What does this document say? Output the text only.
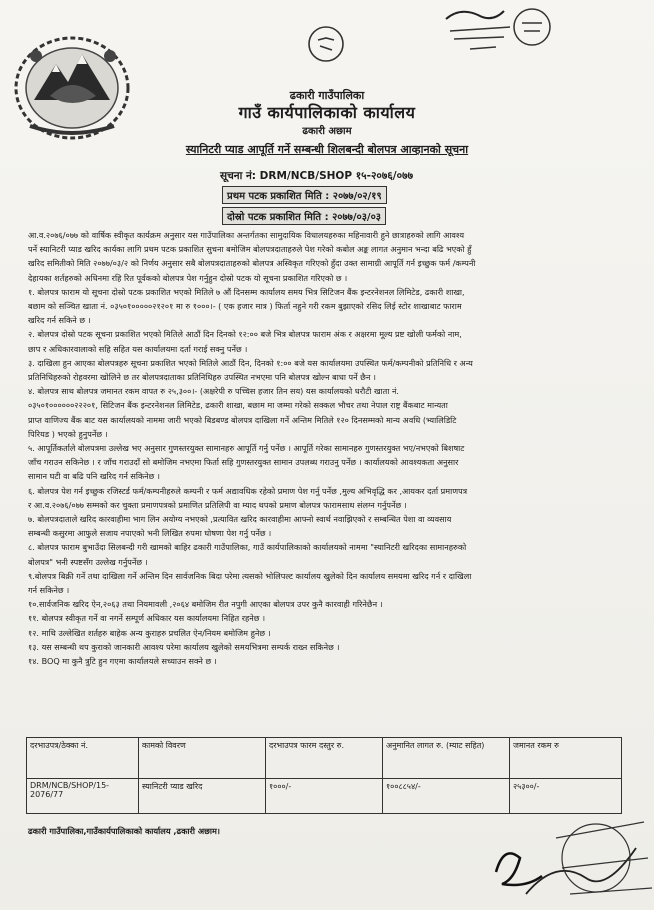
ढकारी गाउँपालिका
गाउँ कार्यपालिकाको कार्यालय
ढकारी अछाम
स्यानिटरी प्याड आपूर्ति गर्ने सम्बन्धी शिलबन्दी बोलपत्र आव्हानको सूचना
सूचना नं: DRM/NCB/SHOP १५-२०७६/०७७
प्रथम पटक प्रकाशित मिति : २०७७/०२/१९
दोस्रो पटक प्रकाशित मिति : २०७७/०३/०३
आ.व.२०७६/०७७ को वार्षिक स्वीकृत कार्यक्रम अनुसार यस गाउँपालिका अन्तर्गतका सामुदायिक विधालयहरुका महिनावारी हुने छात्राहरुको लागि आवश्य
पर्ने स्यानिटरी प्याड खरिद कार्यका लागि प्रथम पटक प्रकाशित सुचना बमोजिम बोलपत्रदाताहरुले पेश गरेको कबोल अङ्क लागत अनुमान भन्दा बढि भएको हुँ
खरिद समितीको मिति २०७७/०३/२ को निर्णय अनुसार सबै बोलपत्रदाताहरुको बोलपत्र अस्विकृत गरिएको हुँदा उक्त सामाग्री आपूर्ति गर्न इच्छुक फर्म /कम्पनी
देहायका शर्तहरुको अधिनमा रहि रित पूर्वकको बोलपत्र पेश गर्नुहुन दोस्रो पटक यो सूचना प्रकाशित गरिएको छ ।
१. बोलपत्र फाराम यो सूचना दोस्रो पटक प्रकाशित भएको मितिले ७ औं दिनसम्म कार्यालय समय भित्र सिटिजन बैंक इन्टरनेशनल लिमिटेड, ढकारी शाखा,
बछाम को सञ्चित खाता नं. ०३५०१०००००२१२०१ मा रु १०००।- ( एक हजार मात्र ) फिर्ता नहुने गरी रकम बुझाएको रसिद लिई स्टोर शाखाबाट फाराम
खरिद गर्न सकिने छ ।
२. बोलपत्र दोस्रो पटक सूचना प्रकाशित भएको मितिले आठौं दिन दिनको १२:०० बजे भित्र बोलपत्र फाराम अंक र अक्षरमा मूल्य प्रष्ट खोली फर्मको नाम,
छाप र अधिकारवालाको सहि सहित यस कार्यालयमा दर्ता गराई सक्नु पर्नेछ ।
३. दाखिला हुन आएका बोलपत्रहरु सूचना प्रकाशित भएको मितिले आठौं दिन, दिनको १:०० बजे यस कार्यालयमा उपस्थित फर्म/कम्पनीको प्रतिनिधि र अन्य
प्रतिनिधिहरुको रोहवरमा खोलिने छ तर बोलपत्रदाताका प्रतिनिधिहरु उपस्थित नभएमा पनि बोलपत्र खोल्न बाधा पर्ने छैन ।
४. बोलपत्र साथ बोलपत्र जमानत रकम वापत रु २५,३००।- (अक्षरेपी रु पच्चिस हजार तिन सय) यस कार्यालयको धरौटी खाता नं.
०३५०१००००००२२२०१, सिटिजन बैंक इन्टरनेशनल लिमिटेड, ढकारी शाखा, बछाम मा जम्मा गरेको सक्कल भौचर तथा नेपाल राष्ट्र बैंकबाट मान्यता
प्राप्त वाणिज्य बैंक बाट यस कार्यालयको नाममा जारी भएको बिडबण्ड बोलपत्र दाखिला गर्ने अन्तिम मितिले १२० दिनसम्मको मान्य अवधि (भ्यालिडिटि
पिरियड ) भएको हुनुपर्नेछ ।
५. आपूर्तिकर्ताले बोलपत्रमा उल्लेख भए अनुसार गुणस्तरयुक्त सामानहरु आपूर्ति गर्नु पर्नेछ । आपूर्ति गरेका सामानहरु गुणस्तरयुक्त भए/नभएको बिशषाट
जाँच गराउन सकिनेछ । र जाँच गराउदाँ सो बमोजिम नभएमा फिर्ता सहि गुणस्तरयुक्त सामान उपलब्ध गराउनु पर्नेछ । कार्यालयको आवश्यकता अनुसार
सामान घटी वा बढि पनि खरिद गर्न सकिनेछ ।
६. बोलपत्र पेश गर्न इच्छुक रजिस्टर्ड फर्म/कम्पनीहरुले कम्पनी र फर्म अद्यावधिक रहेको प्रमाण पेश गर्नु पर्नेछ ,मुल्य अभिवृद्धि कर ,आयकर दर्ता प्रमाणपत्र
र आ.व.२०७६/०७७ सम्मको कर चुक्ता प्रमाणपत्रको प्रमाणित प्रतिलिपी वा म्याद थपको प्रमाण बोलपत्र फारामसाथ संलग्न गर्नुपर्नेछ ।
७. बोलपत्रदाताले खरिद कारवाहीमा भाग लिन अयोग्य नभएको ,प्रत्यावित खरिद कारवाहीमा आफ्नो स्वार्थ नवाझिएको र सम्बन्धित पेशा वा व्यवसाय
सम्बन्धी कसुरमा आफुले सजाय नपाएको भनी लिखित रुपमा घोषणा पेश गर्नु पर्नेछ ।
८. बोलपत्र फाराम बुभाउँदा सिलबन्दी गरी खामको बाहिर ढकारी गाउँपालिका, गाउँ कार्यपालिकाको कार्यालयको नाममा "स्यानिटरी खरिदका सामानहरुको
बोलपत्र" भनी स्पष्टसँग उल्लेख गर्नुपर्नेछ ।
९.बोलपत्र बिक्री गर्ने तथा दाखिला गर्ने अन्तिम दिन सार्वजनिक बिदा परेमा त्यसको भोलिपल्ट कार्यालय खुलेको दिन कार्यालय समयमा खरिद गर्न र दाखिला
गर्न सकिनेछ ।
१०.सार्वजनिक खरिद ऐन,२०६३ तथा नियमावली ,२०६४ बमोजिम रीत नपुगी आएका बोलपत्र उपर कुनै कारवाही गरिनेछैन ।
११. बोलपत्र स्वीकृत गर्ने वा नगर्ने सम्पूर्ण अधिकार यस कार्यालयमा निहित रहनेछ ।
१२. माथि उल्लेखित शर्तहरु बाहेक अन्य कुराहरु प्रचलित ऐन/नियम बमोजिम हुनेछ ।
१३. यस सम्बन्धी थप कुराको जानकारी आवश्य परेमा कार्यालय खुलेको समयभित्रमा सम्पर्क राख्न सकिनेछ ।
१४. BOQ मा कुनै त्रुटि हुन गएमा कार्यालयले सच्याउन सक्ने छ ।
दरभाउपत्र/ठेक्का नं.	कामको विवरण	दरभाउपत्र फारम दस्तुर रु.	अनुमानित लागत रु. (म्याट सहित)	जमानत रकम रु
DRM/NCB/SHOP/15-2076/77	स्यानिटरी प्याड खरिद	१०००/-	१००८८५४/-	२५३००/-
ढकारी गाउँपालिका,गाउँकार्यपालिकाको कार्यालय ,ढकारी अछाम।
